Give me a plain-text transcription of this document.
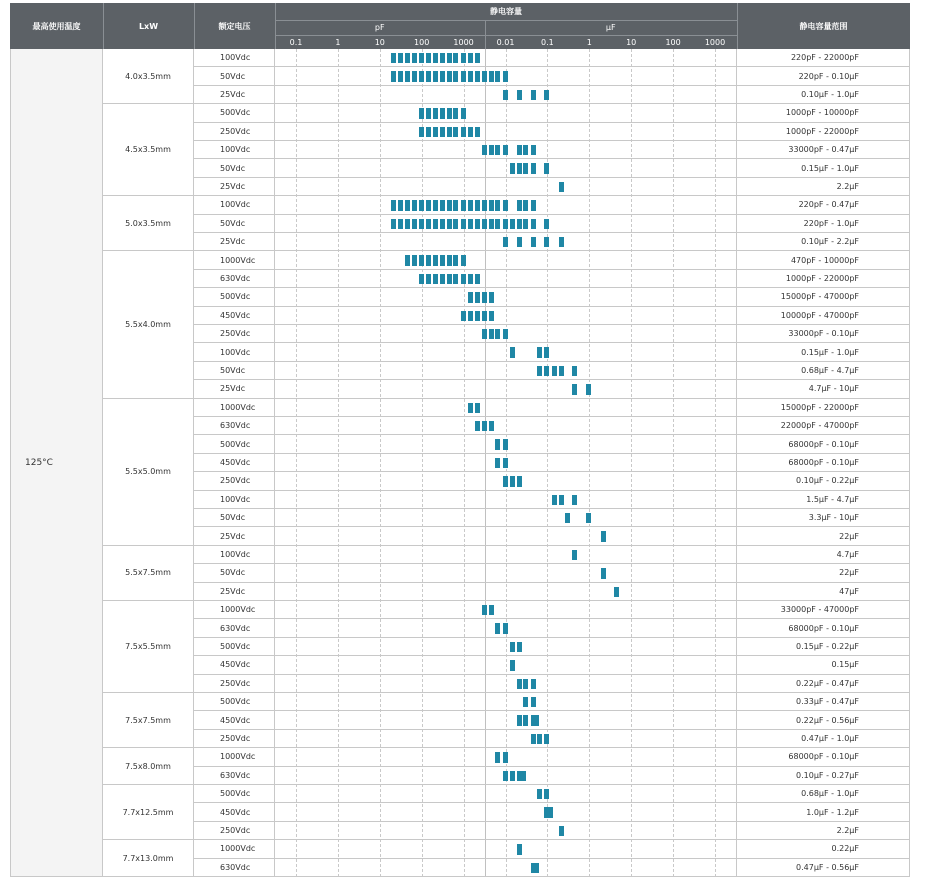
最高使用温度	LxW	额定电压
静电容量
pF	μF	静电容量范围
0.1	1	10	100	1000	0.01	0.1	1	10	100	1000
125°C
4.0x3.5mm
100Vdc	220pF - 22000pF
50Vdc	220pF - 0.10μF
25Vdc	0.10μF - 1.0μF
4.5x3.5mm
500Vdc	1000pF - 10000pF
250Vdc	1000pF - 22000pF
100Vdc	33000pF - 0.47μF
50Vdc	0.15μF - 1.0μF
25Vdc	2.2μF
5.0x3.5mm
100Vdc	220pF - 0.47μF
50Vdc	220pF - 1.0μF
25Vdc	0.10μF - 2.2μF
5.5x4.0mm
1000Vdc	470pF - 10000pF
630Vdc	1000pF - 22000pF
500Vdc	15000pF - 47000pF
450Vdc	10000pF - 47000pF
250Vdc	33000pF - 0.10μF
100Vdc	0.15μF - 1.0μF
50Vdc	0.68μF - 4.7μF
25Vdc	4.7μF - 10μF
5.5x5.0mm
1000Vdc	15000pF - 22000pF
630Vdc	22000pF - 47000pF
500Vdc	68000pF - 0.10μF
450Vdc	68000pF - 0.10μF
250Vdc	0.10μF - 0.22μF
100Vdc	1.5μF - 4.7μF
50Vdc	3.3μF - 10μF
25Vdc	22μF
5.5x7.5mm
100Vdc	4.7μF
50Vdc	22μF
25Vdc	47μF
7.5x5.5mm
1000Vdc	33000pF - 47000pF
630Vdc	68000pF - 0.10μF
500Vdc	0.15μF - 0.22μF
450Vdc	0.15μF
250Vdc	0.22μF - 0.47μF
7.5x7.5mm
500Vdc	0.33μF - 0.47μF
450Vdc	0.22μF - 0.56μF
250Vdc	0.47μF - 1.0μF
7.5x8.0mm
1000Vdc	68000pF - 0.10μF
630Vdc	0.10μF - 0.27μF
7.7x12.5mm
500Vdc	0.68μF - 1.0μF
450Vdc	1.0μF - 1.2μF
250Vdc	2.2μF
7.7x13.0mm
1000Vdc	0.22μF
630Vdc	0.47μF - 0.56μF
